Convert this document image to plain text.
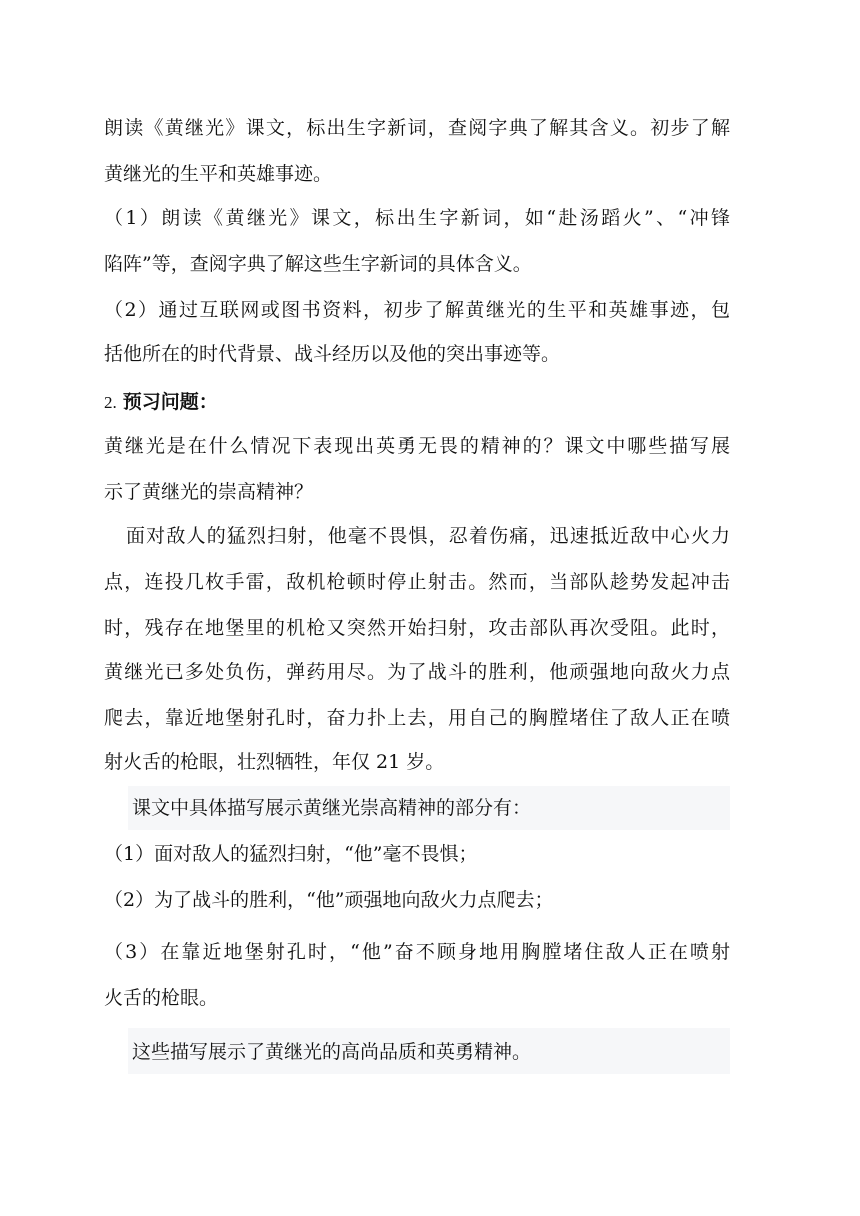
朗读《黄继光》课文，标出生字新词，查阅字典了解其含义。初步了解
黄继光的生平和英雄事迹。
（1）朗读《黄继光》课文，标出生字新词，如“赴汤蹈火”、“冲锋
陷阵”等，查阅字典了解这些生字新词的具体含义。
（2）通过互联网或图书资料，初步了解黄继光的生平和英雄事迹，包
括他所在的时代背景、战斗经历以及他的突出事迹等。
2. 预习问题：
黄继光是在什么情况下表现出英勇无畏的精神的？课文中哪些描写展
示了黄继光的崇高精神？
面对敌人的猛烈扫射，他毫不畏惧，忍着伤痛，迅速抵近敌中心火力
点，连投几枚手雷，敌机枪顿时停止射击。然而，当部队趁势发起冲击
时，残存在地堡里的机枪又突然开始扫射，攻击部队再次受阻。此时，
黄继光已多处负伤，弹药用尽。为了战斗的胜利，他顽强地向敌火力点
爬去，靠近地堡射孔时，奋力扑上去，用自己的胸膛堵住了敌人正在喷
射火舌的枪眼，壮烈牺牲，年仅 21 岁。
课文中具体描写展示黄继光崇高精神的部分有：
（1）面对敌人的猛烈扫射，“他”毫不畏惧；
（2）为了战斗的胜利，“他”顽强地向敌火力点爬去；
（3）在靠近地堡射孔时，“他”奋不顾身地用胸膛堵住敌人正在喷射
火舌的枪眼。
这些描写展示了黄继光的高尚品质和英勇精神。
